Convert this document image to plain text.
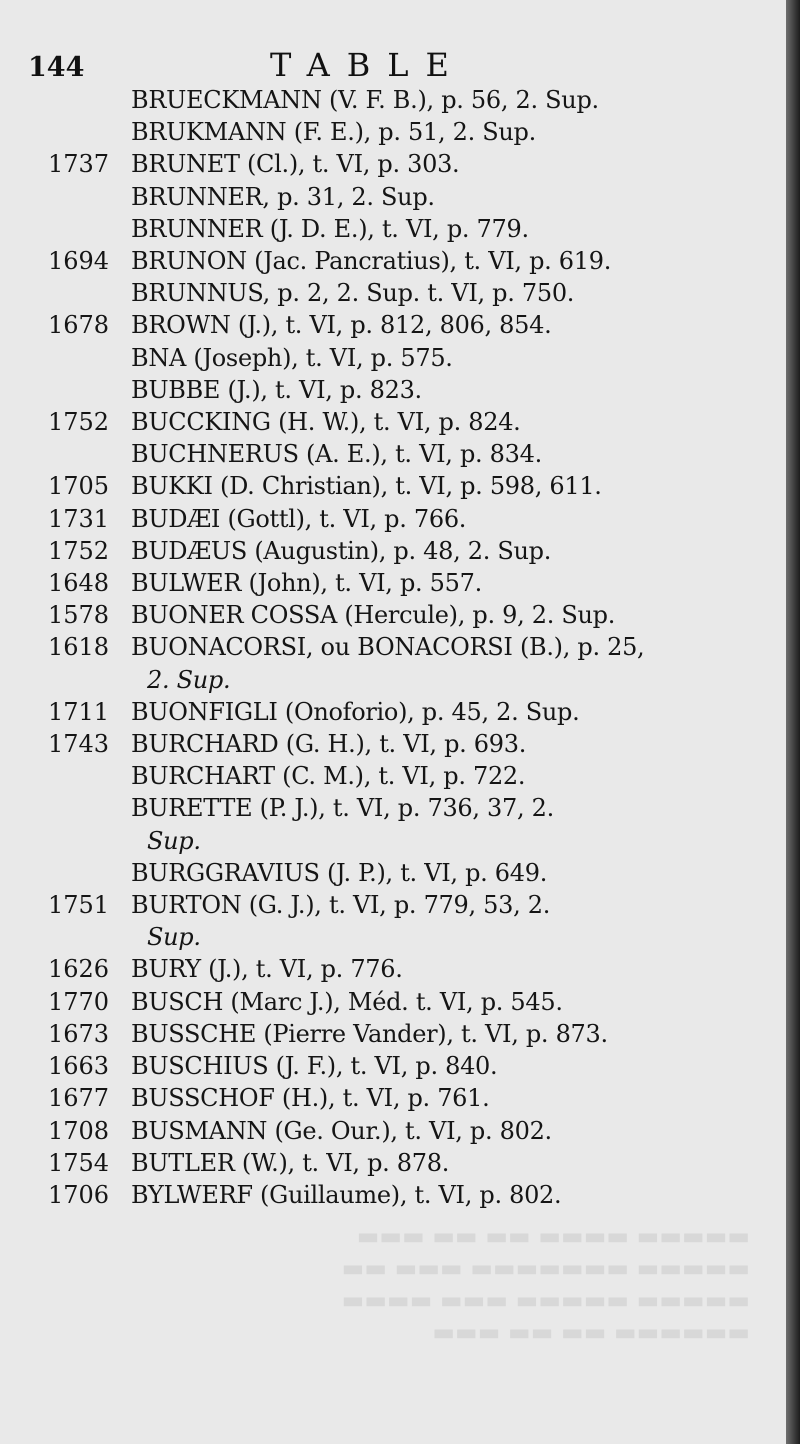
144	TABLE
BRUECKMANN (V. F. B.), p. 56, 2. Sup.
BRUKMANN (F. E.), p. 51, 2. Sup.
1737 BRUNET (Cl.), t. VI, p. 303.
BRUNNER, p. 31, 2. Sup.
BRUNNER (J. D. E.), t. VI, p. 779.
1694 BRUNON (Jac. Pancratius), t. VI, p. 619.
BRUNNUS, p. 2, 2. Sup. t. VI, p. 750.
1678 BROWN (J.), t. VI, p. 812, 806, 854.
BNA (Joseph), t. VI, p. 575.
BUBBE (J.), t. VI, p. 823.
1752 BUCCKING (H. W.), t. VI, p. 824.
BUCHNERUS (A. E.), t. VI, p. 834.
1705 BUKKI (D. Christian), t. VI, p. 598, 611.
1731 BUDÆI (Gottl), t. VI, p. 766.
1752 BUDÆUS (Augustin), p. 48, 2. Sup.
1648 BULWER (John), t. VI, p. 557.
1578 BUONER COSSA (Hercule), p. 9, 2. Sup.
1618 BUONACORSI, ou BONACORSI (B.), p. 25,
2. Sup.
1711 BUONFIGLI (Onoforio), p. 45, 2. Sup.
1743 BURCHARD (G. H.), t. VI, p. 693.
BURCHART (C. M.), t. VI, p. 722.
BURETTE (P. J.), t. VI, p. 736, 37, 2.
Sup.
BURGGRAVIUS (J. P.), t. VI, p. 649.
1751 BURTON (G. J.), t. VI, p. 779, 53, 2.
Sup.
1626 BURY (J.), t. VI, p. 776.
1770 BUSCH (Marc J.), Méd. t. VI, p. 545.
1673 BUSSCHE (Pierre Vander), t. VI, p. 873.
1663 BUSCHIUS (J. F.), t. VI, p. 840.
1677 BUSSCHOF (H.), t. VI, p. 761.
1708 BUSMANN (Ge. Our.), t. VI, p. 802.
1754 BUTLER (W.), t. VI, p. 878.
1706 BYLWERF (Guillaume), t. VI, p. 802.
▬▬▬▬▬ ▬▬▬▬ ▬▬ ▬▬ ▬▬▬
▬▬▬▬▬ ▬▬▬▬▬▬▬ ▬▬▬ ▬▬
▬▬▬▬▬ ▬▬▬▬▬ ▬▬▬ ▬▬▬▬
▬▬▬▬▬▬ ▬▬ ▬▬ ▬▬▬
